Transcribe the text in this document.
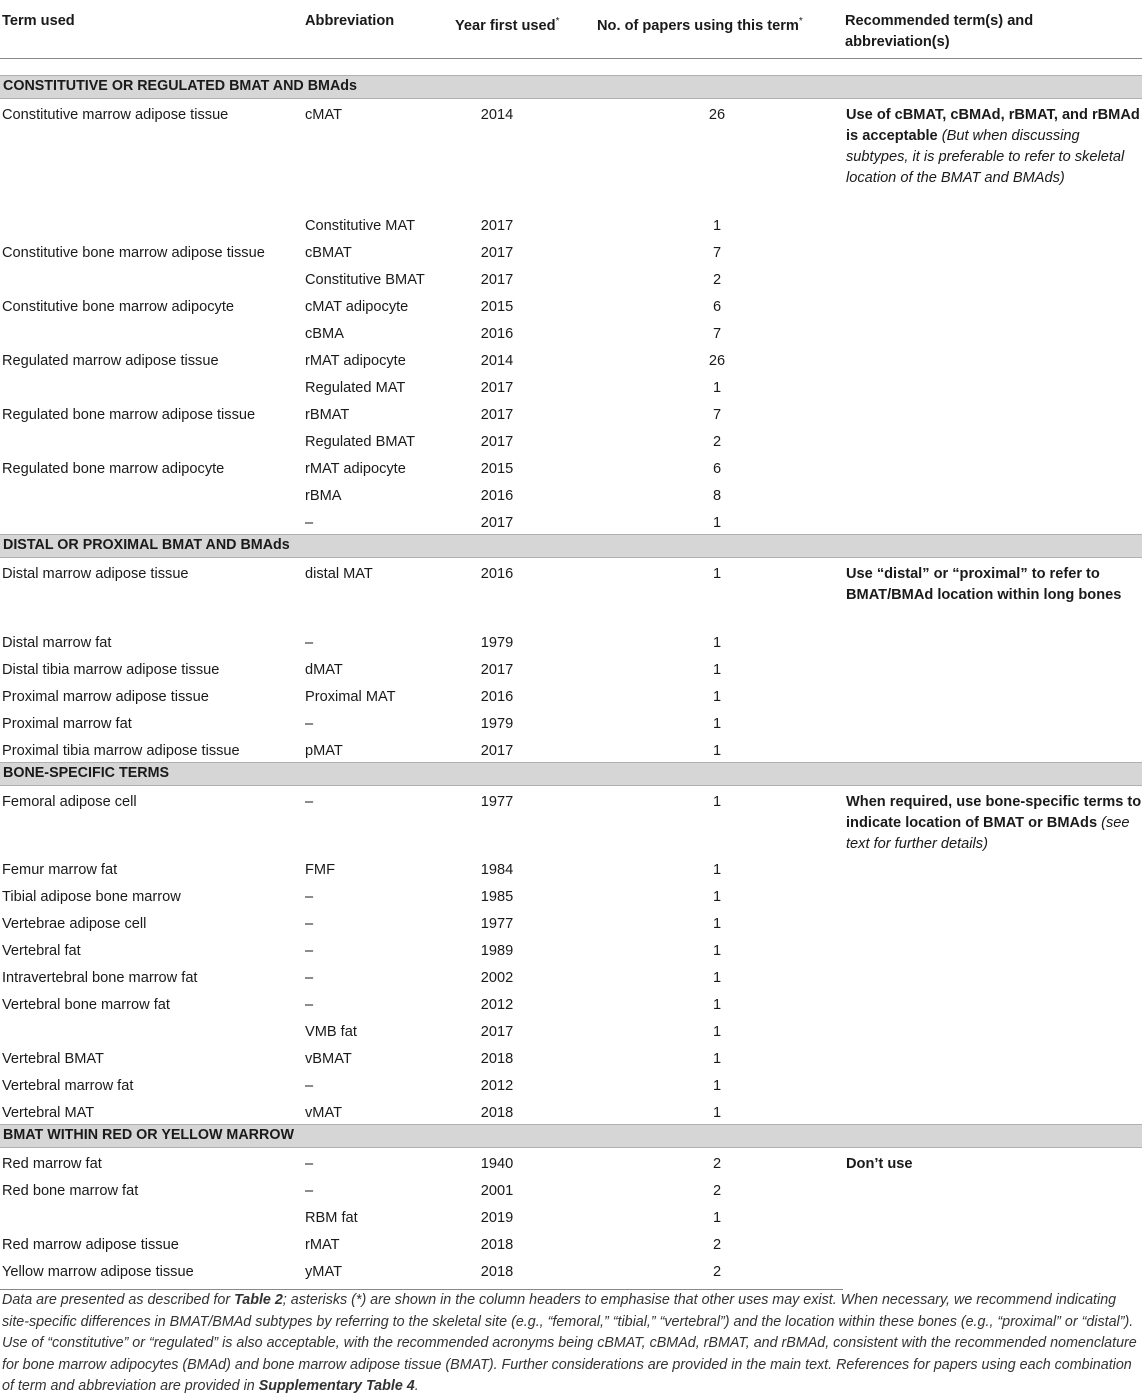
Term used	Abbreviation	Year first used*	No. of papers using this term*	Recommended term(s) and
abbreviation(s)

CONSTITUTIVE OR REGULATED BMAT AND BMAds				
Constitutive marrow adipose tissue	cMAT	2014	26	Use of cBMAT, cBMAd, rBMAT, and rBMAd is acceptable (But when discussing subtypes, it is preferable to refer to skeletal location of the BMAT and BMAds)
	Constitutive MAT	2017	1	
Constitutive bone marrow adipose tissue	cBMAT	2017	7	
	Constitutive BMAT	2017	2	
Constitutive bone marrow adipocyte	cMAT adipocyte	2015	6	
	cBMA	2016	7	
Regulated marrow adipose tissue	rMAT adipocyte	2014	26	
	Regulated MAT	2017	1	
Regulated bone marrow adipose tissue	rBMAT	2017	7	
	Regulated BMAT	2017	2	
Regulated bone marrow adipocyte	rMAT adipocyte	2015	6	
	rBMA	2016	8	
	–	2017	1	
DISTAL OR PROXIMAL BMAT AND BMAds				
Distal marrow adipose tissue	distal MAT	2016	1	Use “distal” or “proximal” to refer to BMAT/BMAd location within long bones
Distal marrow fat	–	1979	1	
Distal tibia marrow adipose tissue	dMAT	2017	1	
Proximal marrow adipose tissue	Proximal MAT	2016	1	
Proximal marrow fat	–	1979	1	
Proximal tibia marrow adipose tissue	pMAT	2017	1	
BONE-SPECIFIC TERMS				
Femoral adipose cell	–	1977	1	When required, use bone-specific terms to indicate location of BMAT or BMAds (see text for further details)
Femur marrow fat	FMF	1984	1	
Tibial adipose bone marrow	–	1985	1	
Vertebrae adipose cell	–	1977	1	
Vertebral fat	–	1989	1	
Intravertebral bone marrow fat	–	2002	1	
Vertebral bone marrow fat	–	2012	1	
	VMB fat	2017	1	
Vertebral BMAT	vBMAT	2018	1	
Vertebral marrow fat	–	2012	1	
Vertebral MAT	vMAT	2018	1	
BMAT WITHIN RED OR YELLOW MARROW				
Red marrow fat	–	1940	2	Don’t use
Red bone marrow fat	–	2001	2	
	RBM fat	2019	1	
Red marrow adipose tissue	rMAT	2018	2	
Yellow marrow adipose tissue	yMAT	2018	2	
Data are presented as described for Table 2; asterisks (*) are shown in the column headers to emphasise that other uses may exist. When necessary, we recommend indicating site-specific differences in BMAT/BMAd subtypes by referring to the skeletal site (e.g., “femoral,” “tibial,” “vertebral”) and the location within these bones (e.g., “proximal” or “distal”). Use of “constitutive” or “regulated” is also acceptable, with the recommended acronyms being cBMAT, cBMAd, rBMAT, and rBMAd, consistent with the recommended nomenclature for bone marrow adipocytes (BMAd) and bone marrow adipose tissue (BMAT). Further considerations are provided in the main text. References for papers using each combination of term and abbreviation are provided in Supplementary Table 4.
